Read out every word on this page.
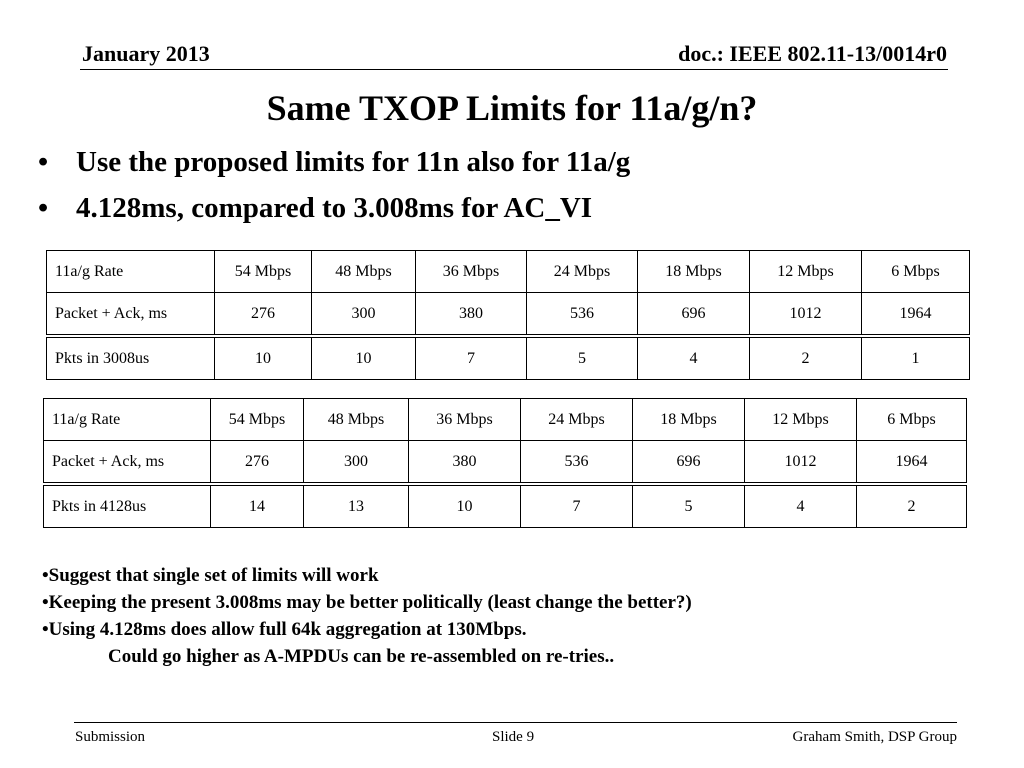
January 2013	doc.: IEEE 802.11-13/0014r0
Same TXOP Limits for 11a/g/n?
• Use the proposed limits for 11n also for 11a/g
• 4.128ms, compared to 3.008ms for AC_VI
11a/g Rate	54 Mbps	48 Mbps	36 Mbps	24 Mbps	18 Mbps	12 Mbps	6 Mbps
Packet + Ack, ms	276	300	380	536	696	1012	1964
Pkts in 3008us	10	10	7	5	4	2	1
11a/g Rate	54 Mbps	48 Mbps	36 Mbps	24 Mbps	18 Mbps	12 Mbps	6 Mbps
Packet + Ack, ms	276	300	380	536	696	1012	1964
Pkts in 4128us	14	13	10	7	5	4	2
•Suggest that single set of limits will work
•Keeping the present 3.008ms may be better politically (least change the better?)
•Using 4.128ms does allow full 64k aggregation at 130Mbps.
Could go higher as A-MPDUs can be re-assembled on re-tries..
Submission	Slide 9	Graham Smith, DSP Group
